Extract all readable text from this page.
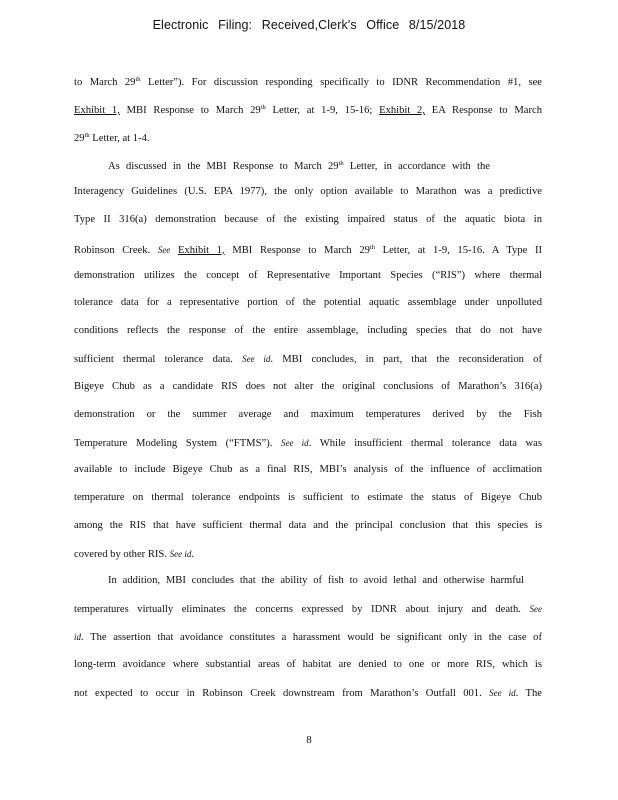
Electronic Filing: Received,Clerk's Office 8/15/2018
to March 29th Letter”). For discussion responding specifically to IDNR Recommendation #1, see
Exhibit 1, MBI Response to March 29th Letter, at 1-9, 15-16; Exhibit 2, EA Response to March
29th Letter, at 1-4.
As discussed in the MBI Response to March 29th Letter, in accordance with the
Interagency Guidelines (U.S. EPA 1977), the only option available to Marathon was a predictive
Type II 316(a) demonstration because of the existing impaired status of the aquatic biota in
Robinson Creek. See Exhibit 1, MBI Response to March 29th Letter, at 1-9, 15-16. A Type II
demonstration utilizes the concept of Representative Important Species (“RIS”) where thermal
tolerance data for a representative portion of the potential aquatic assemblage under unpolluted
conditions reflects the response of the entire assemblage, including species that do not have
sufficient thermal tolerance data. See id. MBI concludes, in part, that the reconsideration of
Bigeye Chub as a candidate RIS does not alter the original conclusions of Marathon’s 316(a)
demonstration or the summer average and maximum temperatures derived by the Fish
Temperature Modeling System (“FTMS”). See id. While insufficient thermal tolerance data was
available to include Bigeye Chub as a final RIS, MBI’s analysis of the influence of acclimation
temperature on thermal tolerance endpoints is sufficient to estimate the status of Bigeye Chub
among the RIS that have sufficient thermal data and the principal conclusion that this species is
covered by other RIS. See id.
In addition, MBI concludes that the ability of fish to avoid lethal and otherwise harmful
temperatures virtually eliminates the concerns expressed by IDNR about injury and death. See
id. The assertion that avoidance constitutes a harassment would be significant only in the case of
long-term avoidance where substantial areas of habitat are denied to one or more RIS, which is
not expected to occur in Robinson Creek downstream from Marathon’s Outfall 001. See id. The
8
